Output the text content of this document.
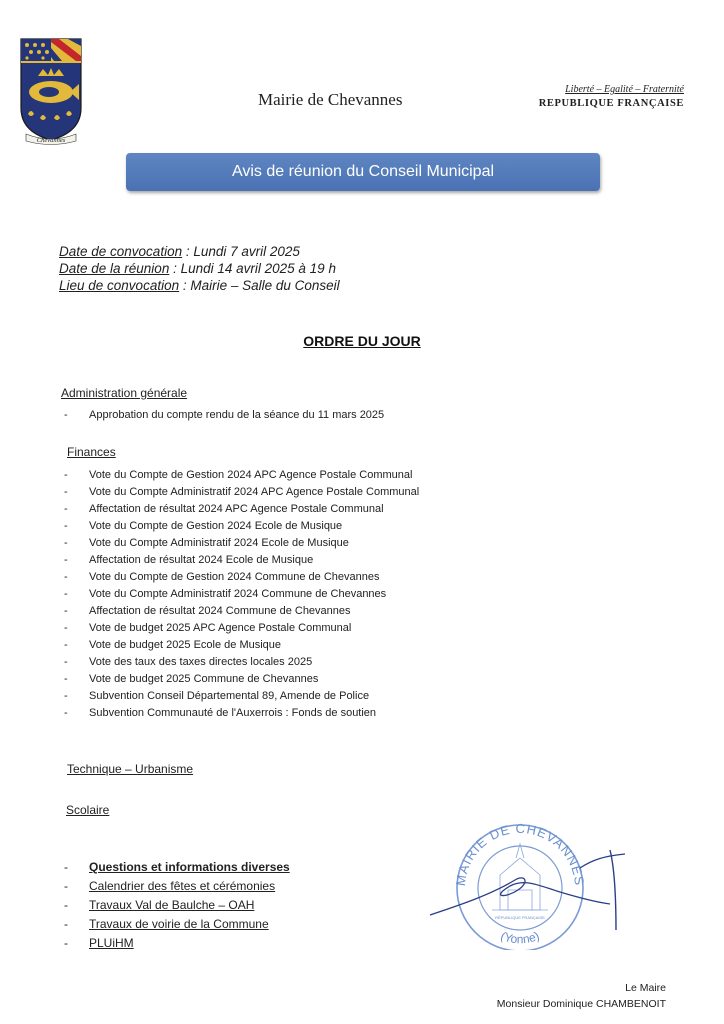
Chevannes
Mairie de Chevannes
Liberté – Egalité – Fraternité
REPUBLIQUE FRANÇAISE
Avis de réunion du Conseil Municipal
Date de convocation : Lundi 7 avril 2025
Date de la réunion : Lundi 14 avril 2025 à 19 h
Lieu de convocation : Mairie – Salle du Conseil
ORDRE DU JOUR
Administration générale
- Approbation du compte rendu de la séance du 11 mars 2025
Finances
- Vote du Compte de Gestion 2024 APC Agence Postale Communal
- Vote du Compte Administratif 2024 APC Agence Postale Communal
- Affectation de résultat 2024 APC Agence Postale Communal
- Vote du Compte de Gestion 2024 Ecole de Musique
- Vote du Compte Administratif 2024 Ecole de Musique
- Affectation de résultat 2024 Ecole de Musique
- Vote du Compte de Gestion 2024 Commune de Chevannes
- Vote du Compte Administratif 2024 Commune de Chevannes
- Affectation de résultat 2024 Commune de Chevannes
- Vote de budget 2025 APC Agence Postale Communal
- Vote de budget 2025 Ecole de Musique
- Vote des taux des taxes directes locales 2025
- Vote de budget 2025 Commune de Chevannes
- Subvention Conseil Départemental 89, Amende de Police
- Subvention Communauté de l'Auxerrois : Fonds de soutien
Technique – Urbanisme
Scolaire
- Questions et informations diverses
- Calendrier des fêtes et cérémonies
- Travaux Val de Baulche – OAH
- Travaux de voirie de la Commune
- PLUiHM
MAIRIE DE CHEVANNES
(Yonne)
RÉPUBLIQUE FRANÇAISE
Le Maire
Monsieur Dominique CHAMBENOIT
